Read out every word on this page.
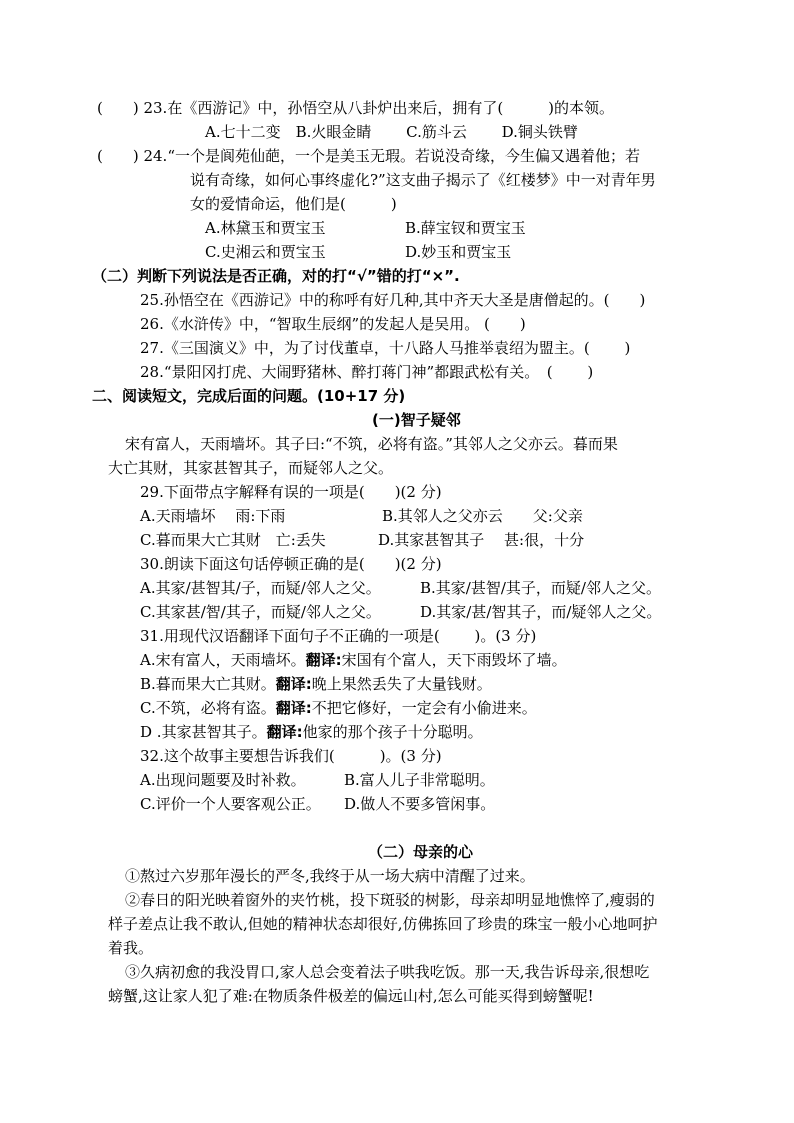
(　　) 23.在《西游记》中，孙悟空从八卦炉出来后，拥有了(　　　)的本领。
A.七十二变　B.火眼金睛　　 C.筋斗云　　 D.铜头铁臂
(　　) 24.“一个是阆苑仙葩，一个是美玉无瑕。若说没奇缘，今生偏又遇着他；若
说有奇缘，如何心事终虚化?”这支曲子揭示了《红楼梦》中一对青年男
女的爱情命运，他们是(　　　)
A.林黛玉和贾宝玉	B.薛宝钗和贾宝玉
C.史湘云和贾宝玉	D.妙玉和贾宝玉
（二）判断下列说法是否正确，对的打“√”错的打“×”.
25.孙悟空在《西游记》中的称呼有好几种,其中齐天大圣是唐僧起的。(　　)
26.《水浒传》中，“智取生辰纲”的发起人是吴用。 (　　)
27.《三国演义》中，为了讨伐董卓，十八路人马推举袁绍为盟主。(　　 )
28.“景阳冈打虎、大闹野猪林、醉打蒋门神”都跟武松有关。　(　　 )
二、阅读短文，完成后面的问题。(10+17 分)
(一)智子疑邻
宋有富人，天雨墙坏。其子曰:“不筑，必将有盗。”其邻人之父亦云。暮而果
大亡其财，其家甚智其子，而疑邻人之父。
29.下面带点字解释有误的一项是(　　)(2 分)
A.天雨墙坏　 雨:下雨	B.其邻人之父亦云　　父:父亲
C.暮而果大亡其财　亡:丢失	D.其家甚智其子　 甚:很，十分
30.朗读下面这句话停顿正确的是(　　)(2 分)
A.其家/甚智其/子，而疑/邻人之父。	B.其家/甚智/其子，而疑/邻人之父。
C.其家甚/智/其子，而疑/邻人之父。	D.其家/甚/智其子，而/疑邻人之父。
31.用现代汉语翻译下面句子不正确的一项是(　　 )。(3 分)
A.宋有富人，天雨墙坏。翻译:宋国有个富人，天下雨毁坏了墙。
B.暮而果大亡其财。翻译:晚上果然丢失了大量钱财。
C.不筑，必将有盗。翻译:不把它修好，一定会有小偷进来。
D .其家甚智其子。翻译:他家的那个孩子十分聪明。
32.这个故事主要想告诉我们(　　　)。(3 分)
A.出现问题要及时补救。	B.富人儿子非常聪明。
C.评价一个人要客观公正。 D.做人不要多管闲事。
（二）母亲的心
①熬过六岁那年漫长的严冬,我终于从一场大病中清醒了过来。
②春日的阳光映着窗外的夹竹桃，投下斑驳的树影，母亲却明显地憔悴了,瘦弱的
样子差点让我不敢认,但她的精神状态却很好,仿佛拣回了珍贵的珠宝一般小心地呵护
着我。
③久病初愈的我没胃口,家人总会变着法子哄我吃饭。那一天,我告诉母亲,很想吃
螃蟹,这让家人犯了难:在物质条件极差的偏远山村,怎么可能买得到螃蟹呢!
